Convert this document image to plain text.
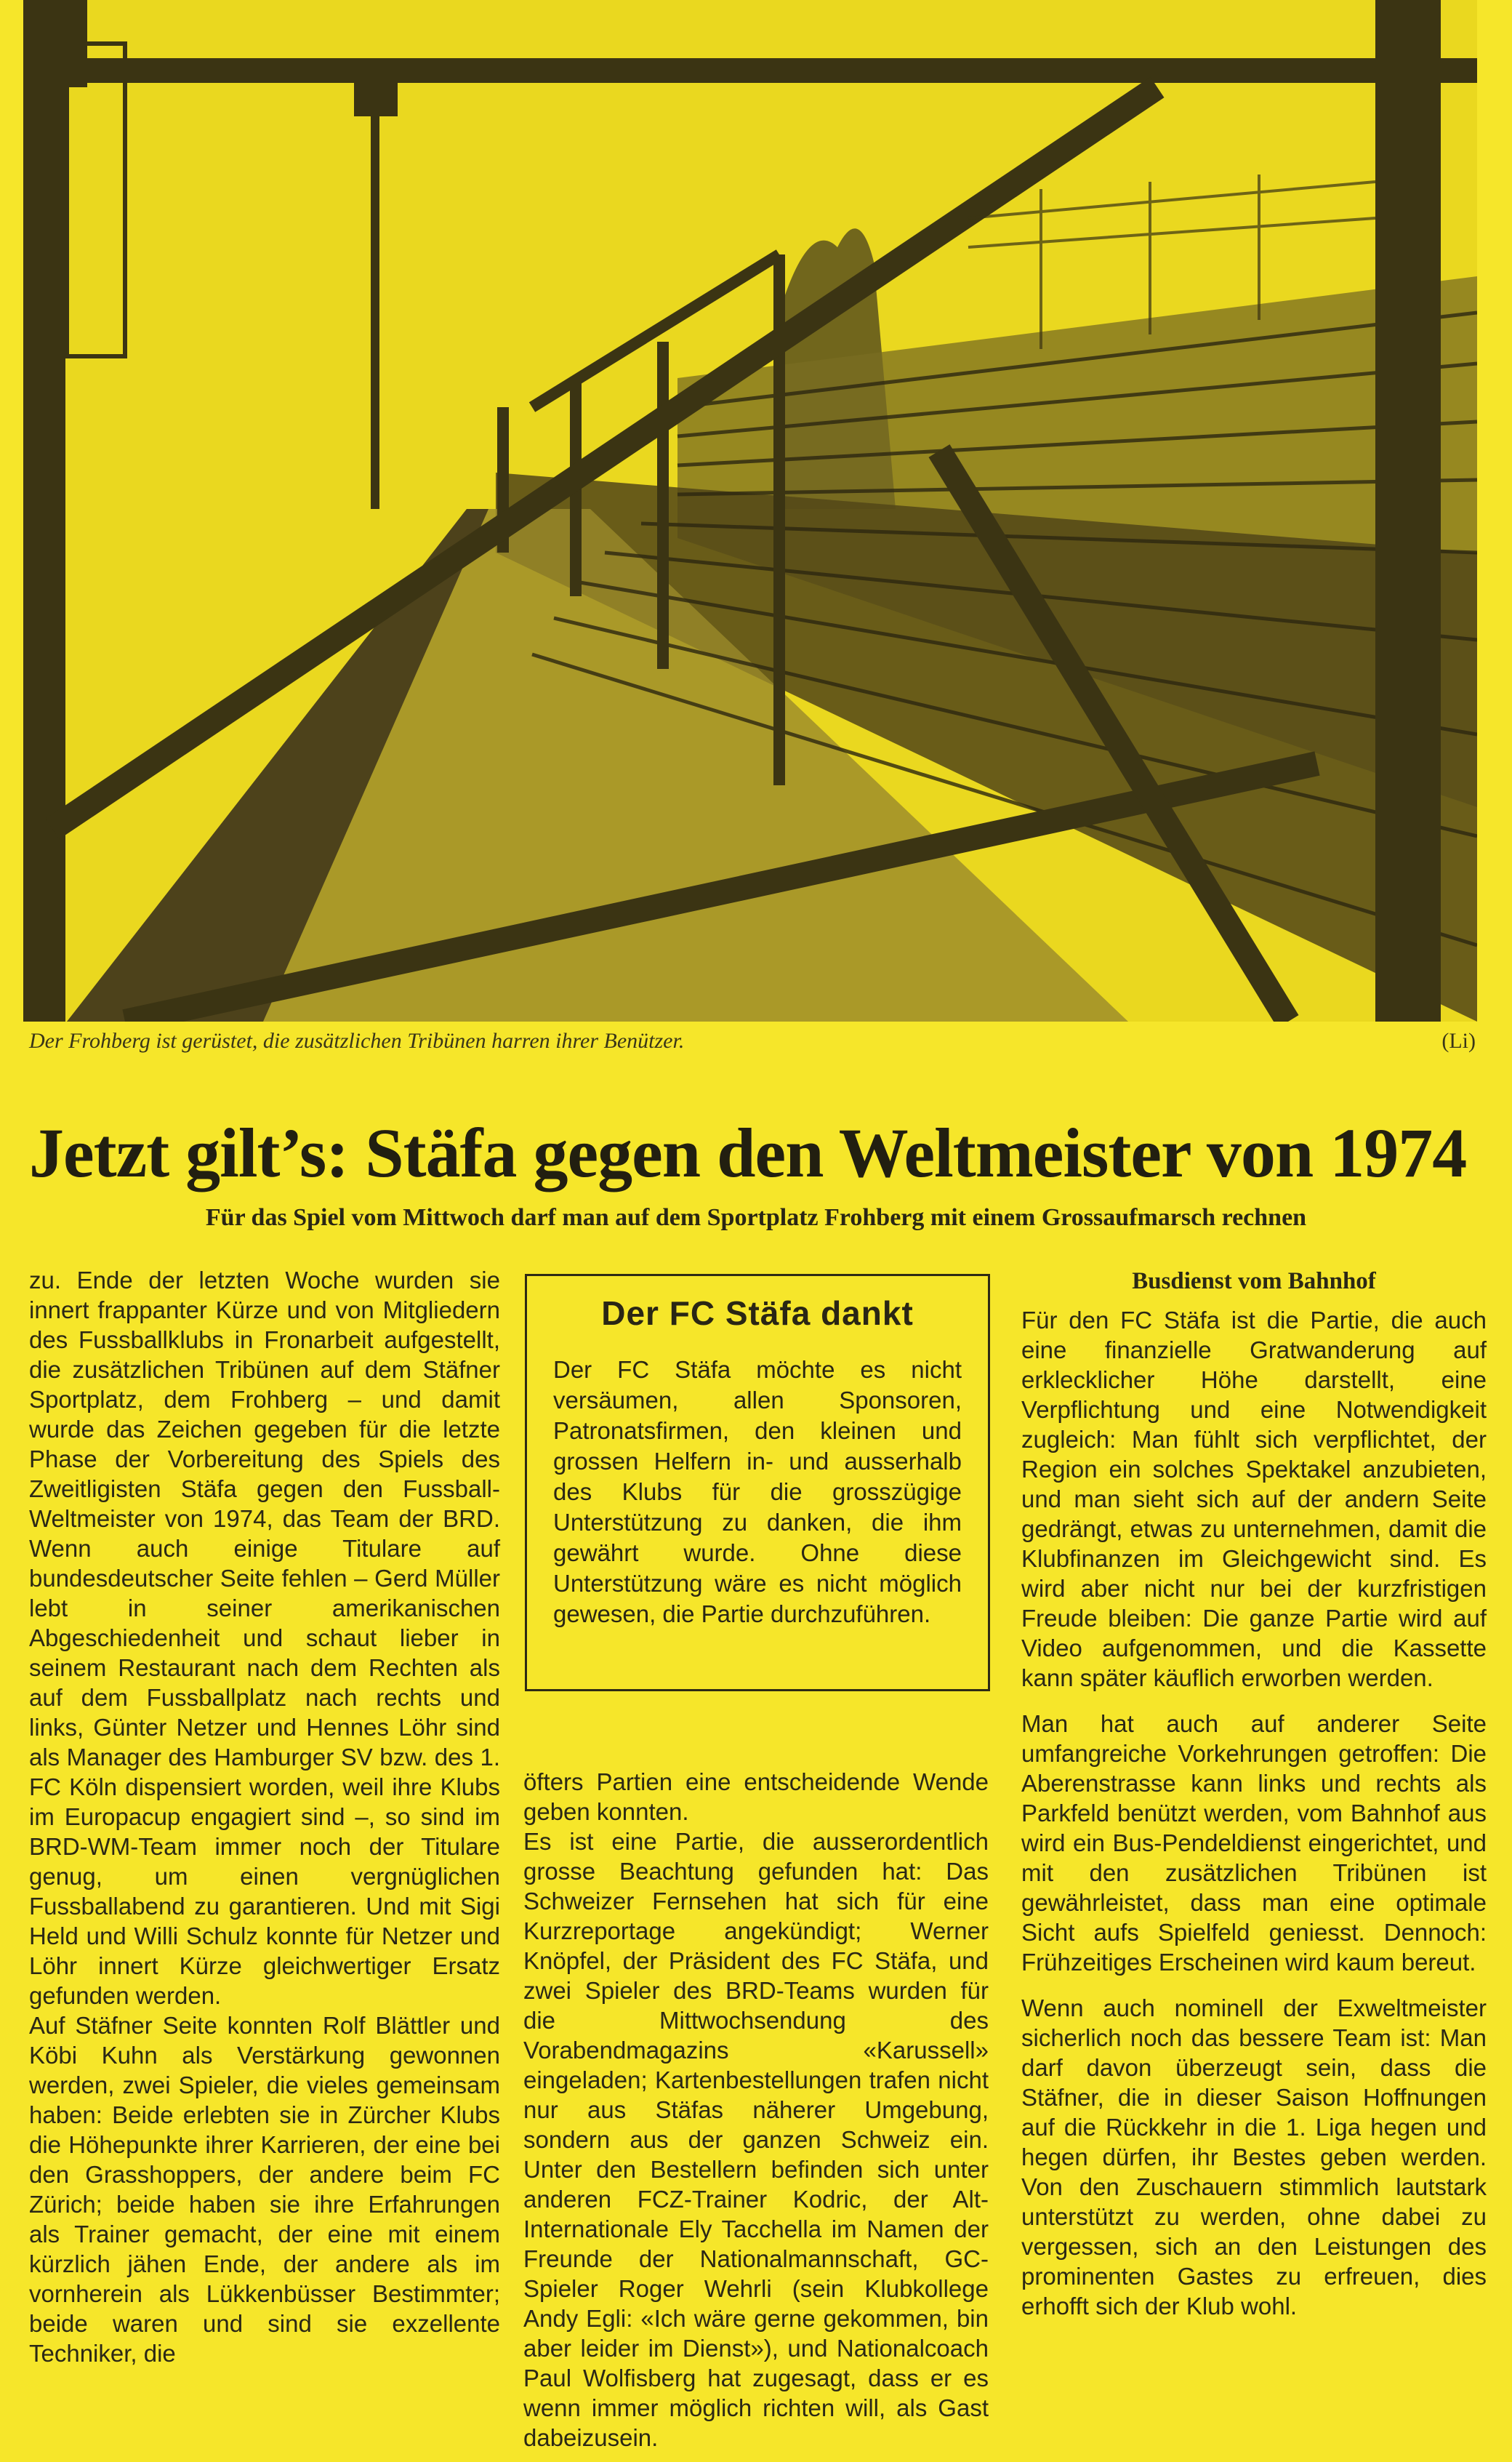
Der Frohberg ist gerüstet, die zusätzlichen Tribünen harren ihrer Benützer.	(Li)
Jetzt gilt’s: Stäfa gegen den Weltmeister von 1974
Für das Spiel vom Mittwoch darf man auf dem Sportplatz Frohberg mit einem Grossaufmarsch rechnen

zu. Ende der letzten Woche wurden sie innert frappanter Kürze und von Mitgliedern des Fussballklubs in Fronarbeit aufgestellt, die zusätzlichen Tribünen auf dem Stäfner Sportplatz, dem Frohberg – und damit wurde das Zeichen gegeben für die letzte Phase der Vorbereitung des Spiels des Zweitligisten Stäfa gegen den Fussball-Weltmeister von 1974, das Team der BRD. Wenn auch einige Titulare auf bundesdeutscher Seite fehlen – Gerd Müller lebt in seiner amerikanischen Abgeschiedenheit und schaut lieber in seinem Restaurant nach dem Rechten als auf dem Fussballplatz nach rechts und links, Günter Netzer und Hennes Löhr sind als Manager des Hamburger SV bzw. des 1. FC Köln dispensiert worden, weil ihre Klubs im Europacup engagiert sind –, so sind im BRD-WM-Team immer noch der Titulare genug, um einen vergnüglichen Fussballabend zu garantieren. Und mit Sigi Held und Willi Schulz konnte für Netzer und Löhr innert Kürze gleichwertiger Ersatz gefunden werden.

Auf Stäfner Seite konnten Rolf Blättler und Köbi Kuhn als Verstärkung gewonnen werden, zwei Spieler, die vieles gemeinsam haben: Beide erlebten sie in Zürcher Klubs die Höhepunkte ihrer Karrieren, der eine bei den Grasshoppers, der andere beim FC Zürich; beide haben sie ihre Erfahrungen als Trainer gemacht, der eine mit einem kürzlich jähen Ende, der andere als im vornherein als Lükkenbüsser Bestimmter; beide waren und sind sie exzellente Techniker, die

Der FC Stäfa dankt

Der FC Stäfa möchte es nicht versäumen, allen Sponsoren, Patronatsfirmen, den kleinen und grossen Helfern in- und ausserhalb des Klubs für die grosszügige Unterstützung zu danken, die ihm gewährt wurde. Ohne diese Unterstützung wäre es nicht möglich gewesen, die Partie durchzuführen.

öfters Partien eine entscheidende Wende geben konnten.

Es ist eine Partie, die ausserordentlich grosse Beachtung gefunden hat: Das Schweizer Fernsehen hat sich für eine Kurzreportage angekündigt; Werner Knöpfel, der Präsident des FC Stäfa, und zwei Spieler des BRD-Teams wurden für die Mittwochsendung des Vorabendmagazins «Karussell» eingeladen; Kartenbestellungen trafen nicht nur aus Stäfas näherer Umgebung, sondern aus der ganzen Schweiz ein. Unter den Bestellern befinden sich unter anderen FCZ-Trainer Kodric, der Alt-Internationale Ely Tacchella im Namen der Freunde der Nationalmannschaft, GC-Spieler Roger Wehrli (sein Klubkollege Andy Egli: «Ich wäre gerne gekommen, bin aber leider im Dienst»), und Nationalcoach Paul Wolfisberg hat zugesagt, dass er es wenn immer möglich richten will, als Gast dabeizusein.

Busdienst vom Bahnhof

Für den FC Stäfa ist die Partie, die auch eine finanzielle Gratwanderung auf erklecklicher Höhe darstellt, eine Verpflichtung und eine Notwendigkeit zugleich: Man fühlt sich verpflichtet, der Region ein solches Spektakel anzubieten, und man sieht sich auf der andern Seite gedrängt, etwas zu unternehmen, damit die Klubfinanzen im Gleichgewicht sind. Es wird aber nicht nur bei der kurzfristigen Freude bleiben: Die ganze Partie wird auf Video aufgenommen, und die Kassette kann später käuflich erworben werden.

Man hat auch auf anderer Seite umfangreiche Vorkehrungen getroffen: Die Aberenstrasse kann links und rechts als Parkfeld benützt werden, vom Bahnhof aus wird ein Bus-Pendeldienst eingerichtet, und mit den zusätzlichen Tribünen ist gewährleistet, dass man eine optimale Sicht aufs Spielfeld geniesst. Dennoch: Frühzeitiges Erscheinen wird kaum bereut.

Wenn auch nominell der Exweltmeister sicherlich noch das bessere Team ist: Man darf davon überzeugt sein, dass die Stäfner, die in dieser Saison Hoffnungen auf die Rückkehr in die 1. Liga hegen und hegen dürfen, ihr Bestes geben werden. Von den Zuschauern stimmlich lautstark unterstützt zu werden, ohne dabei zu vergessen, sich an den Leistungen des prominenten Gastes zu erfreuen, dies erhofft sich der Klub wohl.
